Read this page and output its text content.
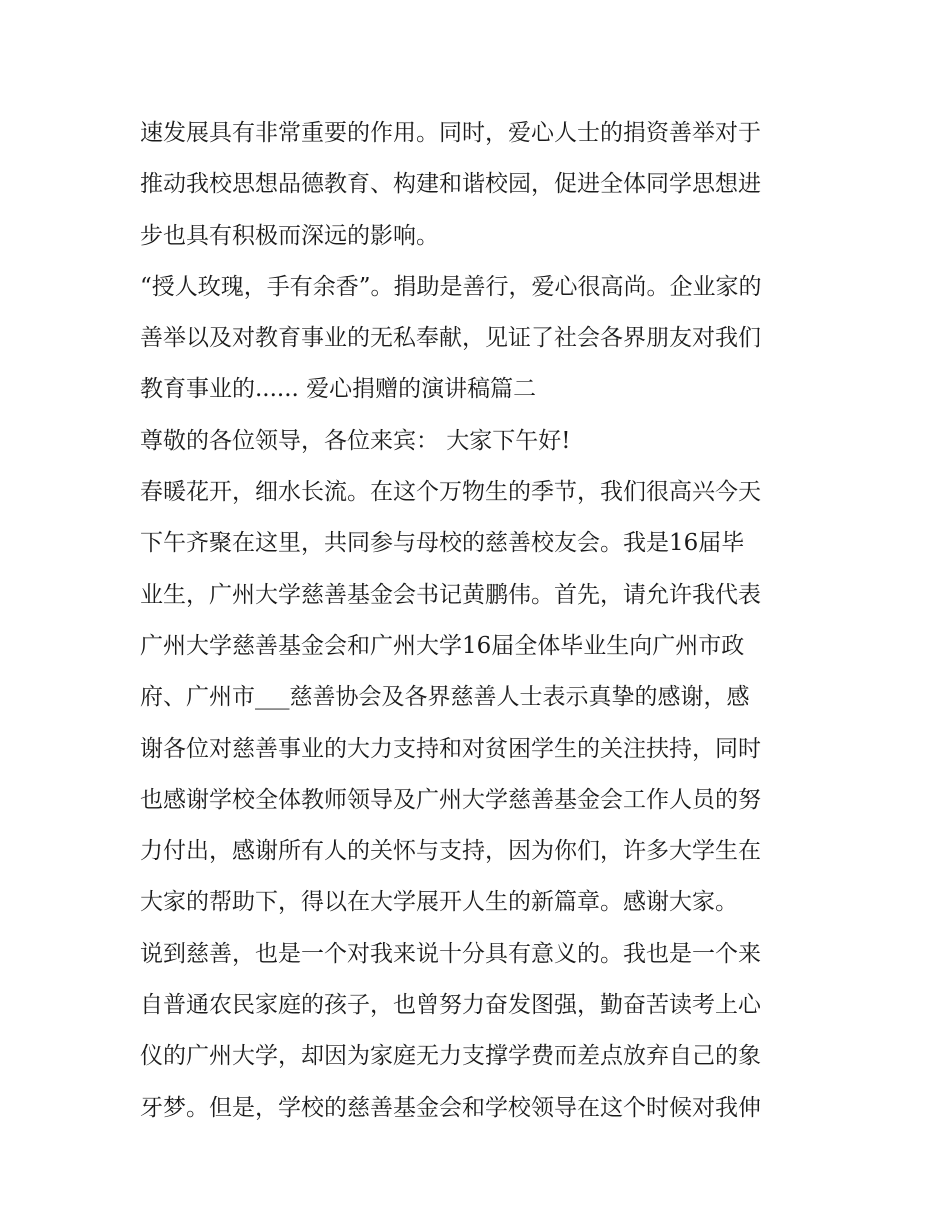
速发展具有非常重要的作用。同时，爱心人士的捐资善举对于
推动我校思想品德教育、构建和谐校园，促进全体同学思想进
步也具有积极而深远的影响。
“授人玫瑰，手有余香”。捐助是善行，爱心很高尚。企业家的
善举以及对教育事业的无私奉献，见证了社会各界朋友对我们
教育事业的...... 爱心捐赠的演讲稿篇二
尊敬的各位领导，各位来宾： 大家下午好!
春暖花开，细水长流。在这个万物生的季节，我们很高兴今天
下午齐聚在这里，共同参与母校的慈善校友会。我是16届毕
业生，广州大学慈善基金会书记黄鹏伟。首先，请允许我代表
广州大学慈善基金会和广州大学16届全体毕业生向广州市政
府、广州市___慈善协会及各界慈善人士表示真挚的感谢，感
谢各位对慈善事业的大力支持和对贫困学生的关注扶持，同时
也感谢学校全体教师领导及广州大学慈善基金会工作人员的努
力付出，感谢所有人的关怀与支持，因为你们，许多大学生在
大家的帮助下，得以在大学展开人生的新篇章。感谢大家。
说到慈善，也是一个对我来说十分具有意义的。我也是一个来
自普通农民家庭的孩子，也曾努力奋发图强，勤奋苦读考上心
仪的广州大学，却因为家庭无力支撑学费而差点放弃自己的象
牙梦。但是，学校的慈善基金会和学校领导在这个时候对我伸
